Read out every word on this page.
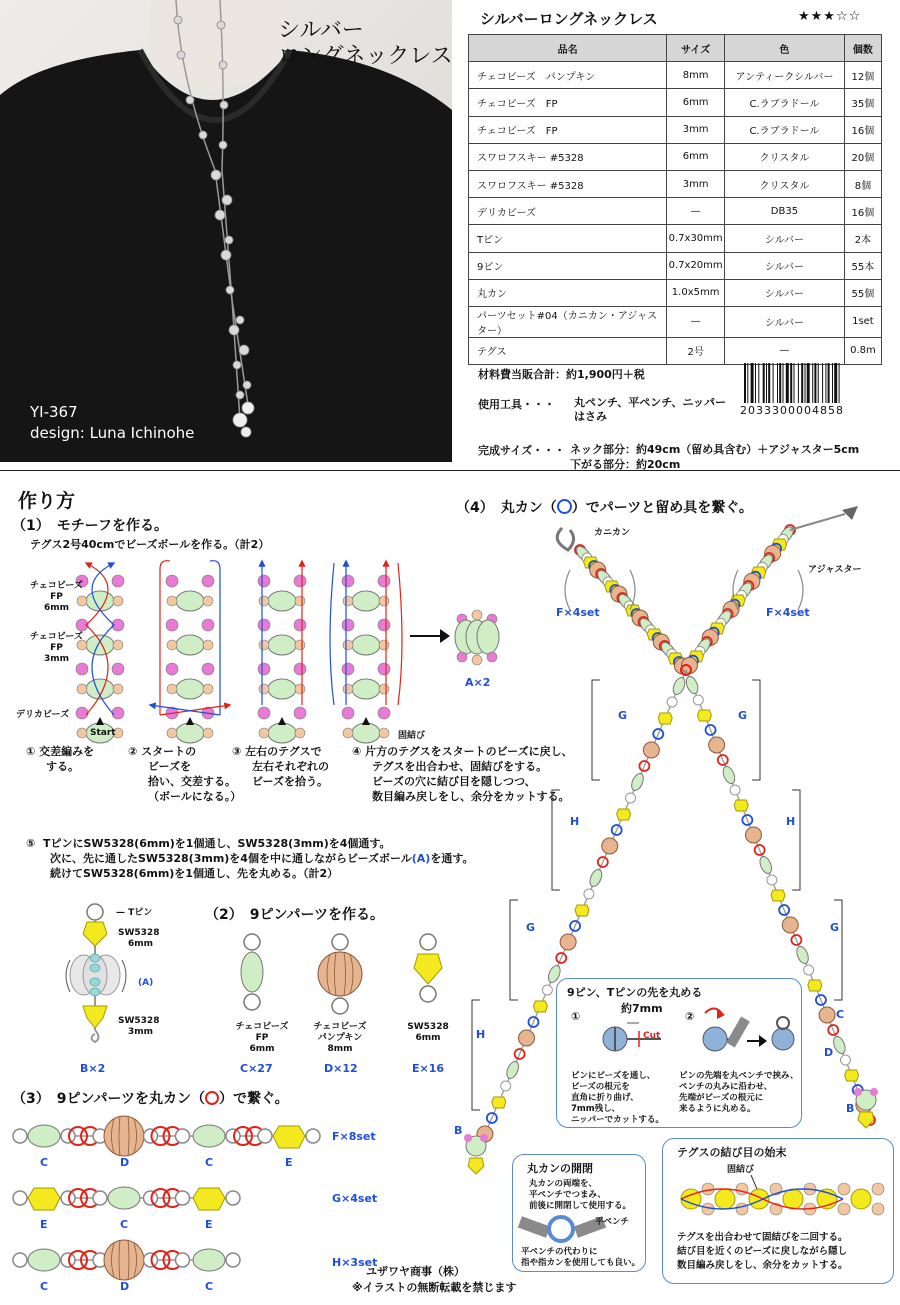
シルバー
ロングネックレス
YI-367
design: Luna Ichinohe
シルバーロングネックレス	★★★☆☆
品名	サイズ	色	個数
チェコビーズ　パンプキン	8mm	アンティークシルバー	12個
チェコビーズ　FP	6mm	C.ラブラドール	35個
チェコビーズ　FP	3mm	C.ラブラドール	16個
スワロフスキー #5328	6mm	クリスタル	20個
スワロフスキー #5328	3mm	クリスタル	8個
デリカビーズ	—	DB35	16個
Tピン	0.7x30mm	シルバー	2本
9ピン	0.7x20mm	シルバー	55本
丸カン	1.0x5mm	シルバー	55個
パーツセット#04（カニカン・アジャスター）	—	シルバー	1set
テグス	2号	—	0.8m
材料費当販合計：約1,900円＋税
使用工具・・・ 丸ペンチ、平ペンチ、ニッパー
はさみ
完成サイズ・・・ ネック部分：約49cm（留め具含む）＋アジャスター5cm
下がる部分：約20cm
2033300004858
作り方
（1）　モチーフを作る。
テグス2号40cmでビーズボールを作る。（計2）
チェコビーズ
FP
6mm
チェコビーズ
FP
3mm
デリカビーズ
Start	固結び
A×2
① 交差編みを
する。
② スタートの
ビーズを
拾い、交差する。
（ボールになる。）
③ 左右のテグスで
左右それぞれの
ビーズを拾う。
④ 片方のテグスをスタートのビーズに戻し、
テグスを出合わせ、固結びをする。
ビーズの穴に結び目を隠しつつ、
数目編み戻しをし、余分をカットする。
⑤ TピンにSW5328(6mm)を1個通し、SW5328(3mm)を4個通す。
次に、先に通したSW5328(3mm)を4個を中に通しながらビーズボール(A)を通す。
続けてSW5328(6mm)を1個通し、先を丸める。（計2）
— Tピン
SW5328
6mm
(A)
SW5328
3mm
B×2
（2）　9ピンパーツを作る。
チェコビーズ
FP
6mm
チェコビーズ
パンプキン
8mm
SW5328
6mm
C×27	D×12	E×16
（3）　9ピンパーツを丸カン（ ）で繋ぐ。
F×8set
G×4set
H×3set
C	D	C	E
E	C	E
C	D	C
ユザワヤ商事（株）
※イラストの無断転載を禁じます
（4）　丸カン（ ）でパーツと留め具を繋ぐ。
カニカン
アジャスター
F×4set	F×4set
G	G
H	H
G	G
H
C
D
B
B
9ピン、Tピンの先を丸める
①	②
約7mm
Cut
ピンにビーズを通し、
ビーズの根元を
直角に折り曲げ、
7mm残し、
ニッパーでカットする。
ピンの先端を丸ペンチで挟み、
ペンチの丸みに沿わせ、
先端がビーズの根元に
来るように丸める。
丸カンの開閉
丸カンの両端を、
平ペンチでつまみ、
前後に開閉して使用する。
平ペンチ
平ペンチの代わりに
指や指カンを使用しても良い。
テグスの結び目の始末
固結び
テグスを出合わせて固結びを二回する。
結び目を近くのビーズに戻しながら隠し
数目編み戻しをし、余分をカットする。
